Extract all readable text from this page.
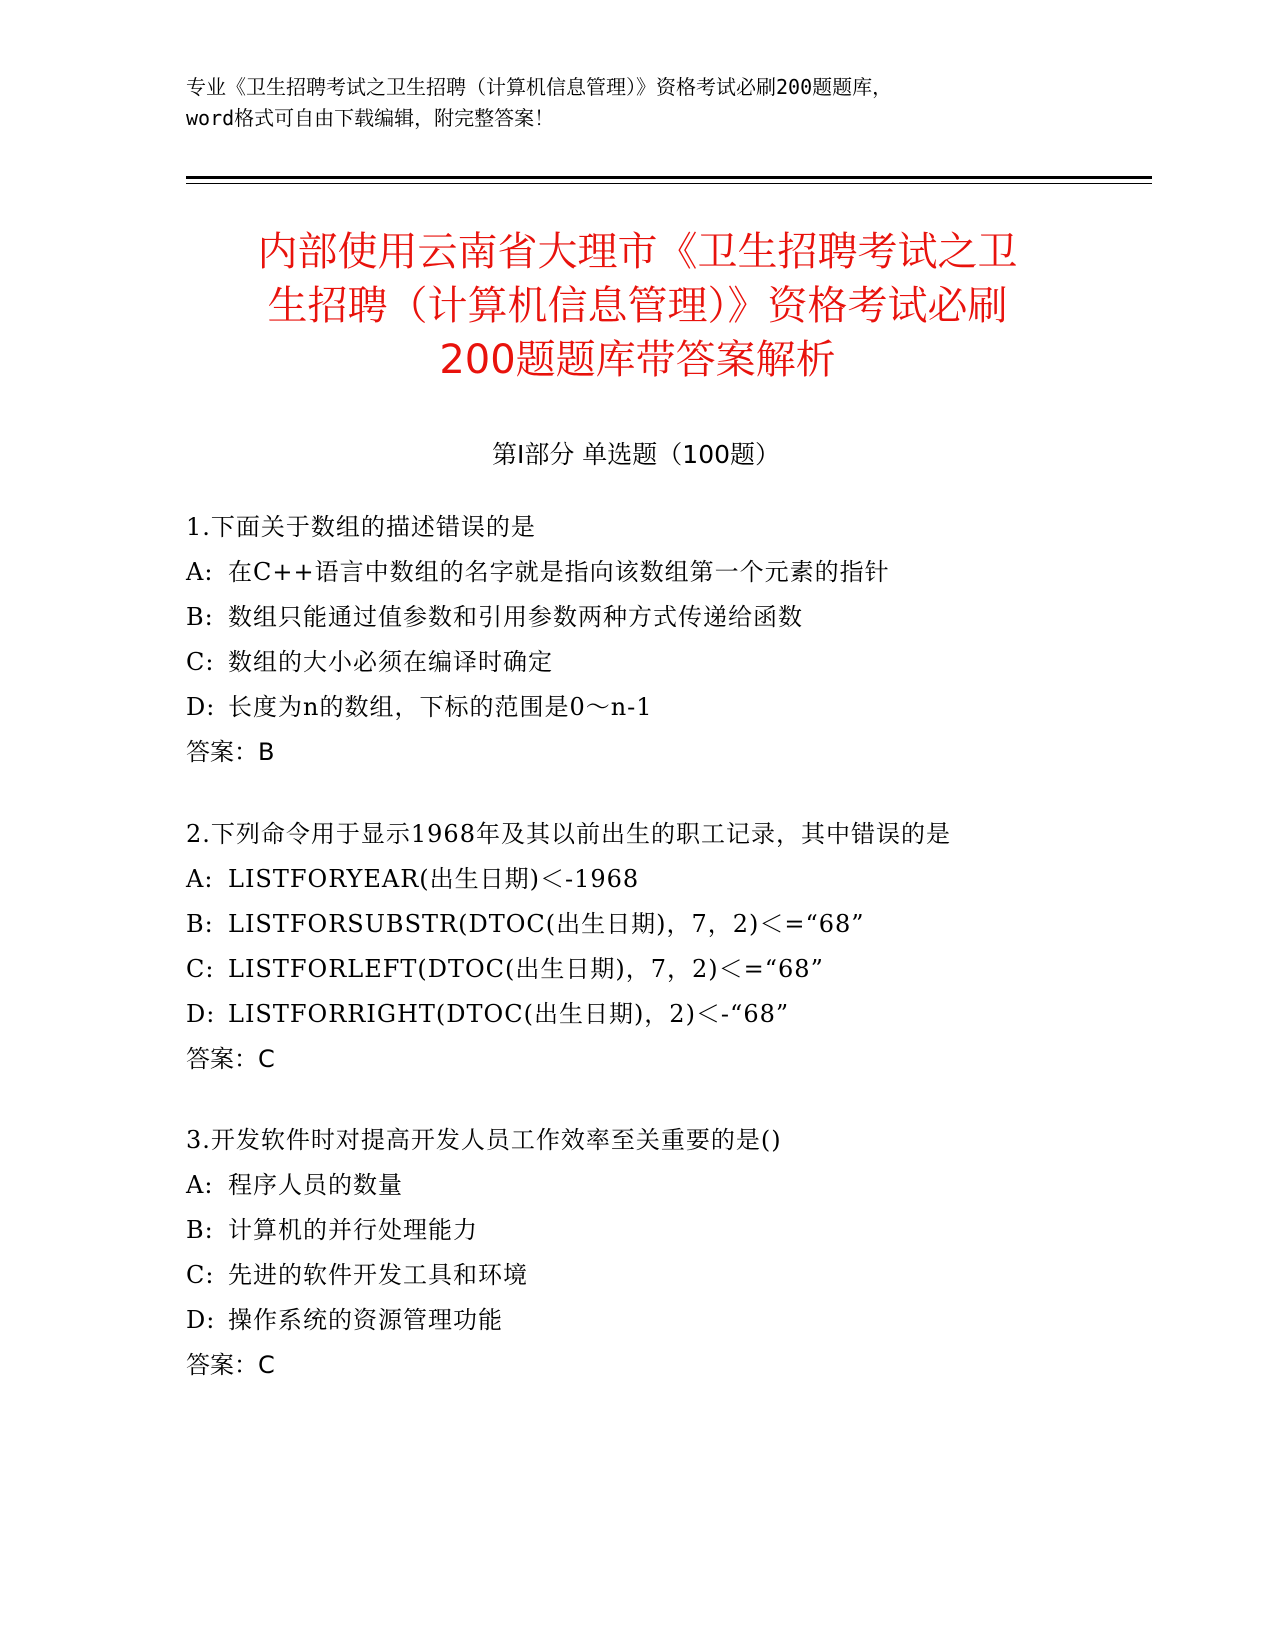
专业《卫生招聘考试之卫生招聘（计算机信息管理）》资格考试必刷200题题库，
word格式可自由下载编辑，附完整答案！
内部使用云南省大理市《卫生招聘考试之卫
生招聘（计算机信息管理）》资格考试必刷
200题题库带答案解析
第Ⅰ部分 单选题（100题）
1.下面关于数组的描述错误的是
A: 在C++语言中数组的名字就是指向该数组第一个元素的指针
B: 数组只能通过值参数和引用参数两种方式传递给函数
C: 数组的大小必须在编译时确定
D: 长度为n的数组，下标的范围是0～n-1
答案：B
2.下列命令用于显示1968年及其以前出生的职工记录，其中错误的是
A: LISTFORYEAR(出生日期)＜-1968
B: LISTFORSUBSTR(DTOC(出生日期)，7，2)＜=“68”
C: LISTFORLEFT(DTOC(出生日期)，7，2)＜=“68”
D: LISTFORRIGHT(DTOC(出生日期)，2)＜-“68”
答案：C
3.开发软件时对提高开发人员工作效率至关重要的是()
A: 程序人员的数量
B: 计算机的并行处理能力
C: 先进的软件开发工具和环境
D: 操作系统的资源管理功能
答案：C
